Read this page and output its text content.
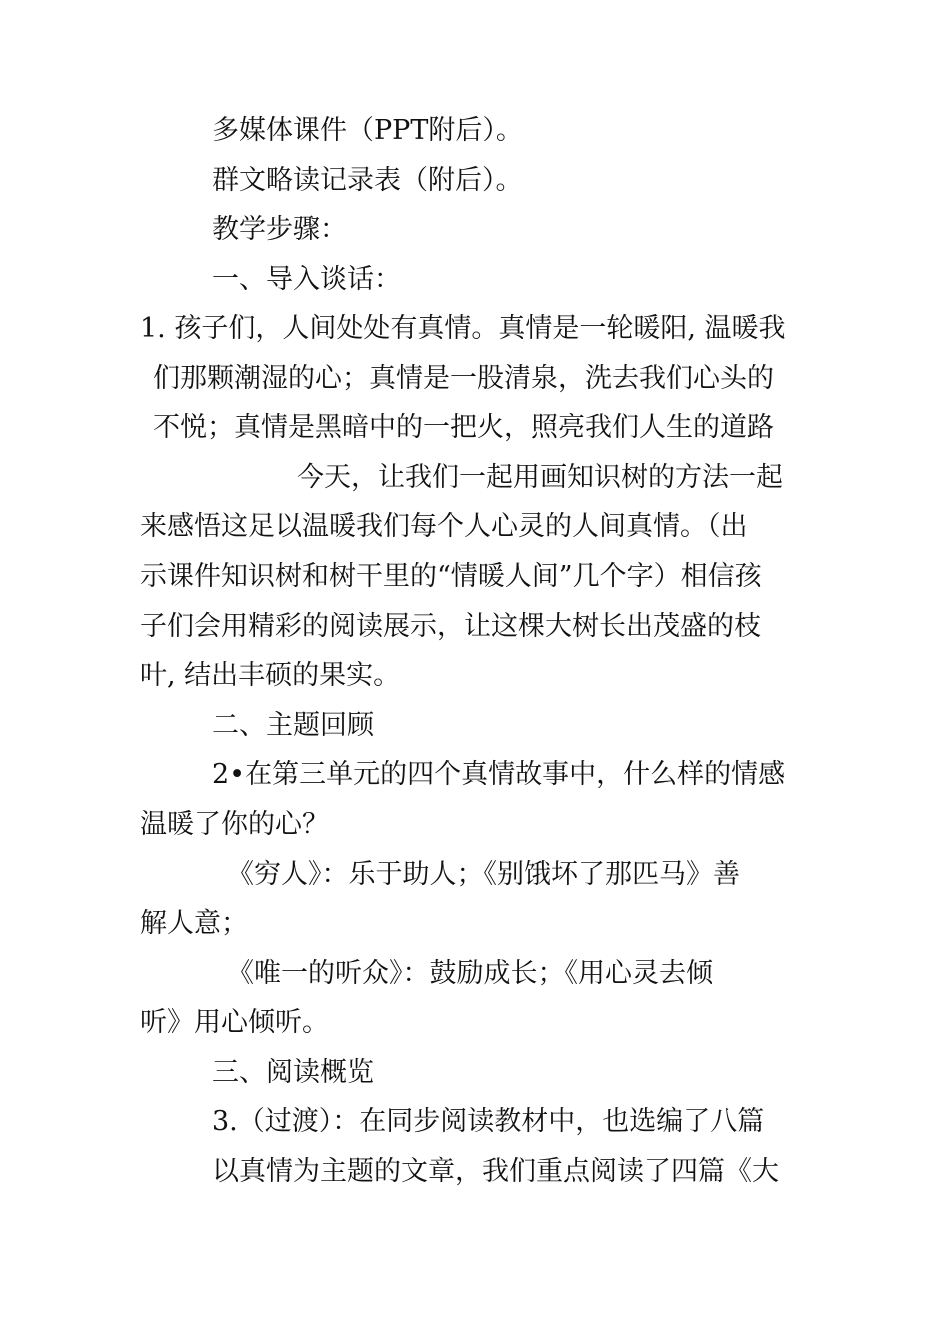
多媒体课件（PPT附后）。
群文略读记录表（附后）。
教学步骤：
一、导入谈话：
1. 孩子们，人间处处有真情。真情是一轮暖阳, 温暖我
们那颗潮湿的心；真情是一股清泉，洗去我们心头的
不悦；真情是黑暗中的一把火，照亮我们人生的道路
今天，让我们一起用画知识树的方法一起
来感悟这足以温暖我们每个人心灵的人间真情。（出
示课件知识树和树干里的“情暖人间”几个字）相信孩
子们会用精彩的阅读展示，让这棵大树长出茂盛的枝
叶, 结出丰硕的果实。
二、主题回顾
2•在第三单元的四个真情故事中，什么样的情感
温暖了你的心？
《穷人》：乐于助人；《别饿坏了那匹马》善
解人意；
《唯一的听众》：鼓励成长；《用心灵去倾
听》用心倾听。
三、阅读概览
3.（过渡）：在同步阅读教材中，也选编了八篇
以真情为主题的文章，我们重点阅读了四篇《大
